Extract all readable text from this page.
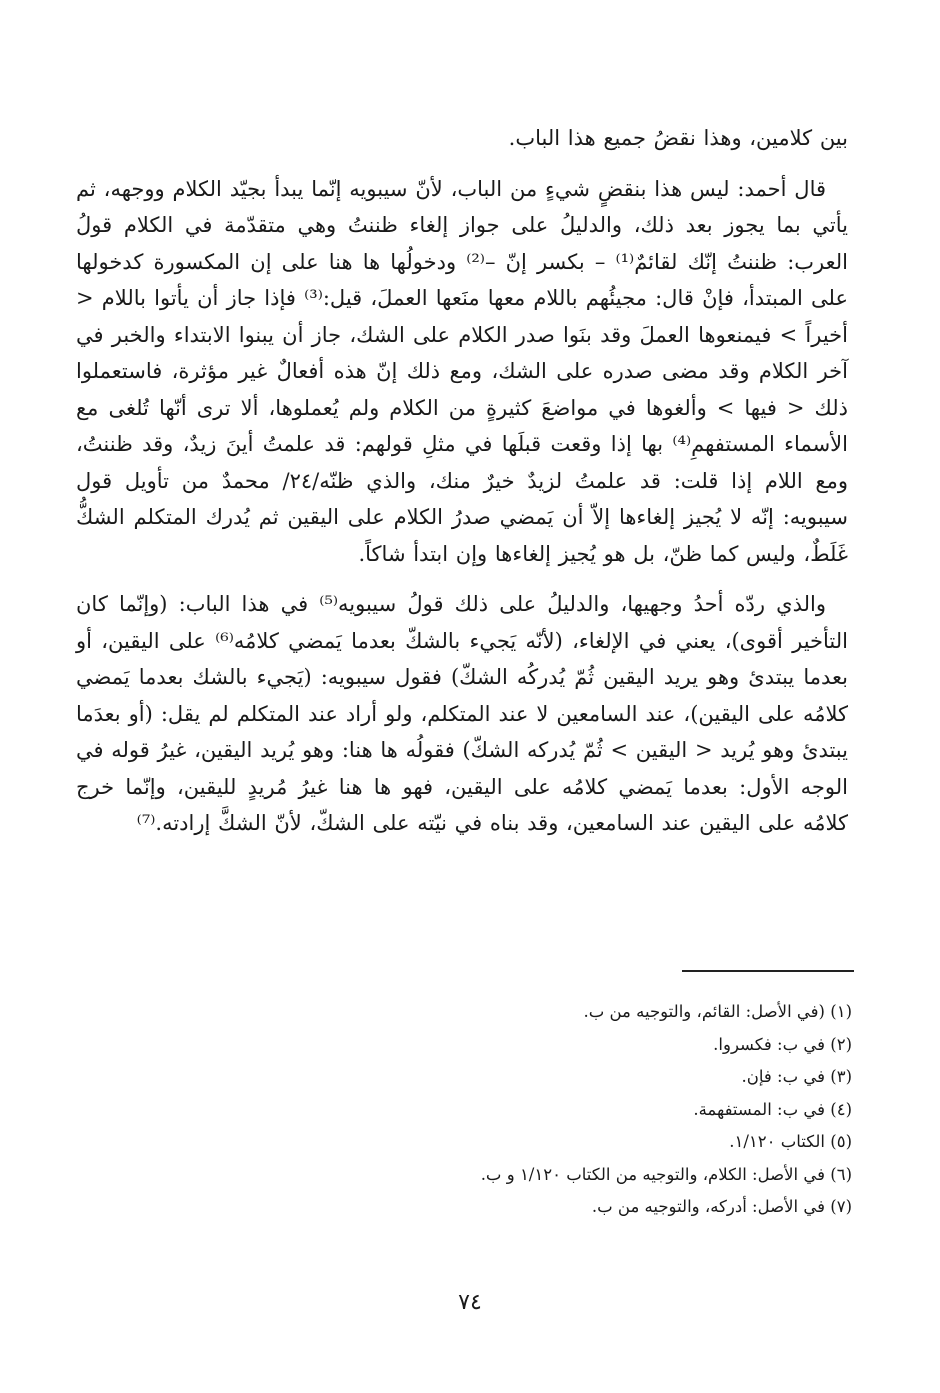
بين كلامين، وهذا نقضُ جميع هذا الباب.

قال أحمد: ليس هذا بنقضٍ شيءٍ من الباب، لأنّ سيبويه إنّما يبدأ بجيّد الكلام ووجهه، ثم يأتي بما يجوز بعد ذلك، والدليلُ على جواز إلغاء ظننتُ وهي متقدّمة في الكلام قولُ العرب: ظننتُ إنّك لقائمٌ⁽¹⁾ – بكسر إنّ –⁽²⁾ ودخولُها ها هنا على إن المكسورة كدخولها على المبتدأ، فإنْ قال: مجيئُهم باللام معها منَعها العملَ، قيل:⁽³⁾ فإذا جاز أن يأتوا باللام < أخيراً > فيمنعوها العملَ وقد بنَوا صدر الكلام على الشك، جاز أن يبنوا الابتداء والخبر في آخر الكلام وقد مضى صدره على الشك، ومع ذلك إنّ هذه أفعالٌ غير مؤثرة، فاستعملوا ذلك < فيها > وألغوها في مواضعَ كثيرةٍ من الكلام ولم يُعملوها، ألا ترى أنّها تُلغى مع الأسماء المستفهمِ⁽⁴⁾ بها إذا وقعت قبلَها في مثلِ قولهم: قد علمتُ أينَ زيدٌ، وقد ظننتُ، ومع اللام إذا قلت: قد علمتُ لزيدٌ خيرٌ منك، والذي ظنّه/٢٤/ محمدٌ من تأويل قول سيبويه: إنّه لا يُجيز إلغاءها إلاّ أن يَمضي صدرُ الكلام على اليقين ثم يُدرك المتكلم الشكُّ غَلَطٌ، وليس كما ظنّ، بل هو يُجيز إلغاءها وإن ابتدأ شاكاً.

والذي ردّه أحدُ وجهيها، والدليلُ على ذلك قولُ سيبويه⁽⁵⁾ في هذا الباب: (وإنّما كان التأخير أقوى)، يعني في الإلغاء، (لأنّه يَجيء بالشكّ بعدما يَمضي كلامُه⁽⁶⁾ على اليقين، أو بعدما يبتدئ وهو يريد اليقين ثُمّ يُدركُه الشكّ) فقول سيبويه: (يَجيء بالشك بعدما يَمضي كلامُه على اليقين)، عند السامعين لا عند المتكلم، ولو أراد عند المتكلم لم يقل: (أو بعدَما يبتدئ وهو يُريد < اليقين > ثُمّ يُدركه الشكّ) فقولُه ها هنا: وهو يُريد اليقين، غيرُ قوله في الوجه الأول: بعدما يَمضي كلامُه على اليقين، فهو ها هنا غيرُ مُريدٍ لليقين، وإنّما خرج كلامُه على اليقين عند السامعين، وقد بناه في نيّته على الشكّ، لأنّ الشكَّ إرادته.⁽⁷⁾

(١) (في الأصل: القائم، والتوجيه من ب.
(٢) في ب: فكسروا.
(٣) في ب: فإن.
(٤) في ب: المستفهمة.
(٥) الكتاب ١/١٢٠.
(٦) في الأصل: الكلام، والتوجيه من الكتاب ١/١٢٠ و ب.
(٧) في الأصل: أدركه، والتوجيه من ب.
٧٤
